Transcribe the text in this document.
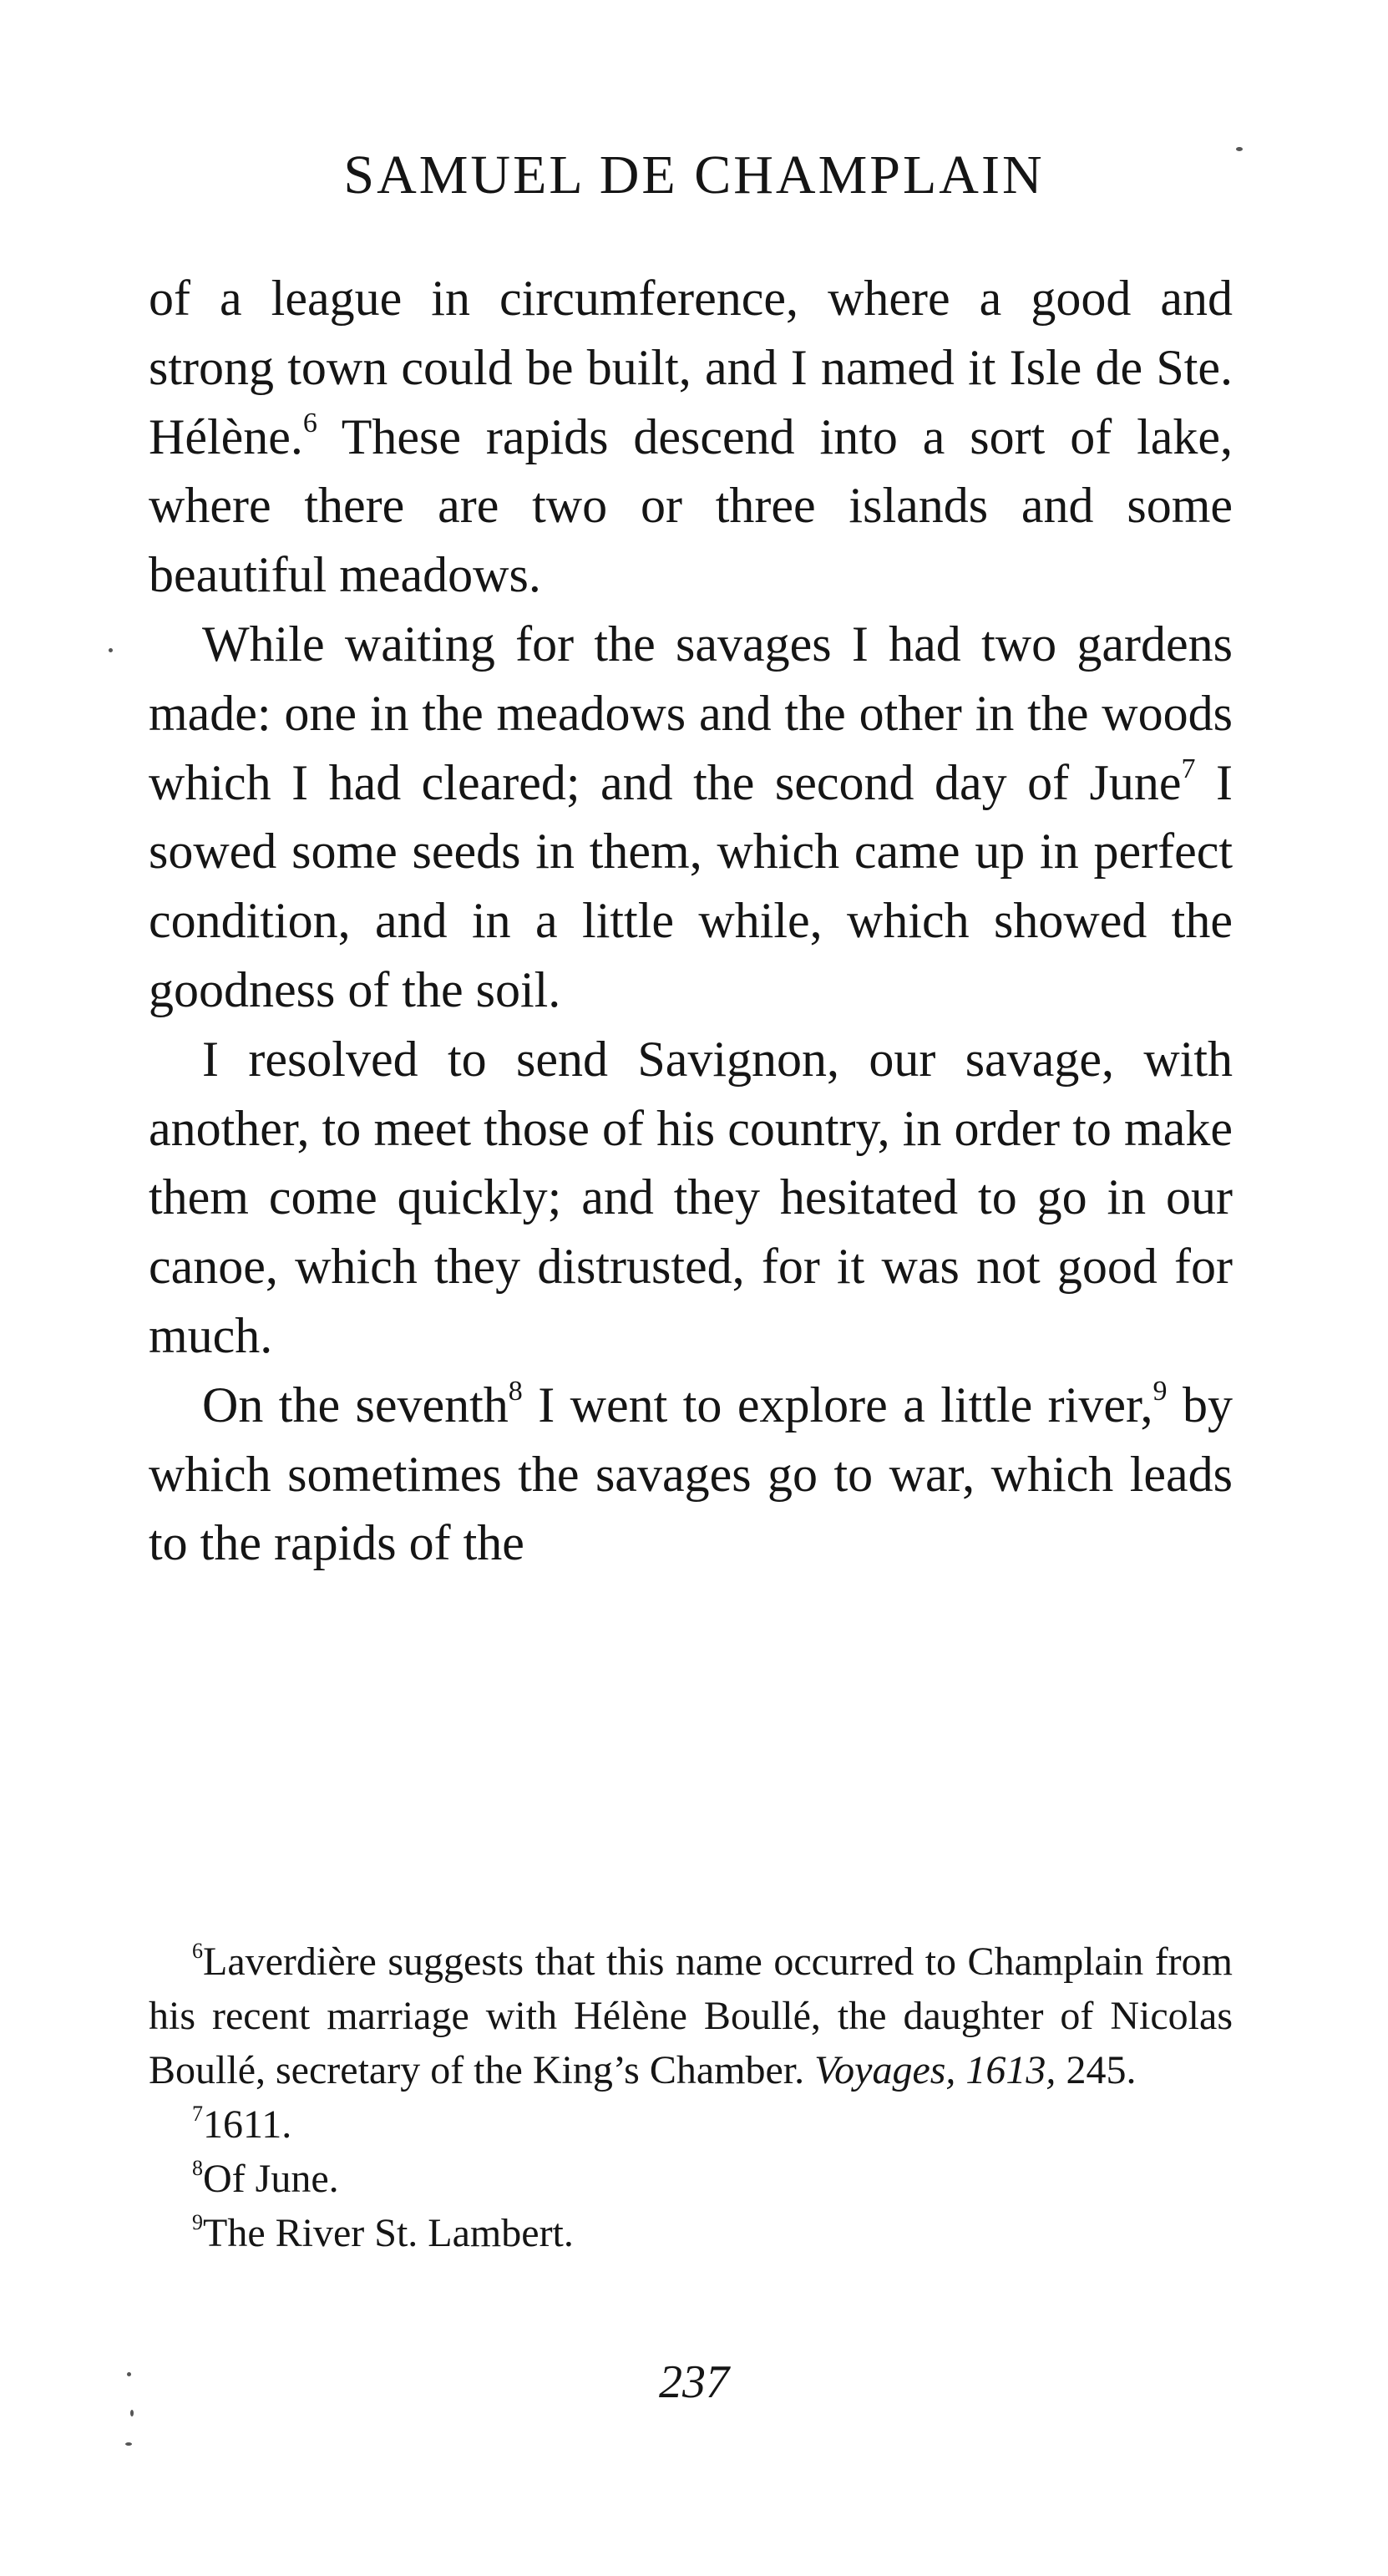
SAMUEL DE CHAMPLAIN

of a league in circumference, where a good and strong town could be built, and I named it Isle de Ste. Hélène.$^6$ These rapids descend into a sort of lake, where there are two or three islands and some beautiful meadows.

While waiting for the savages I had two gardens made: one in the meadows and the other in the woods which I had cleared; and the second day of June$^7$ I sowed some seeds in them, which came up in perfect condition, and in a little while, which showed the goodness of the soil.

I resolved to send Savignon, our savage, with another, to meet those of his country, in order to make them come quickly; and they hesitated to go in our canoe, which they distrusted, for it was not good for much.

On the seventh$^8$ I went to explore a little river,$^9$ by which sometimes the savages go to war, which leads to the rapids of the

$^6$Laverdière suggests that this name occurred to Champlain from his recent marriage with Hélène Boullé, the daughter of Nicolas Boullé, secretary of the King’s Chamber. Voyages, 1613, 245.

$^7$1611.

$^8$Of June.

$^9$The River St. Lambert.

237
